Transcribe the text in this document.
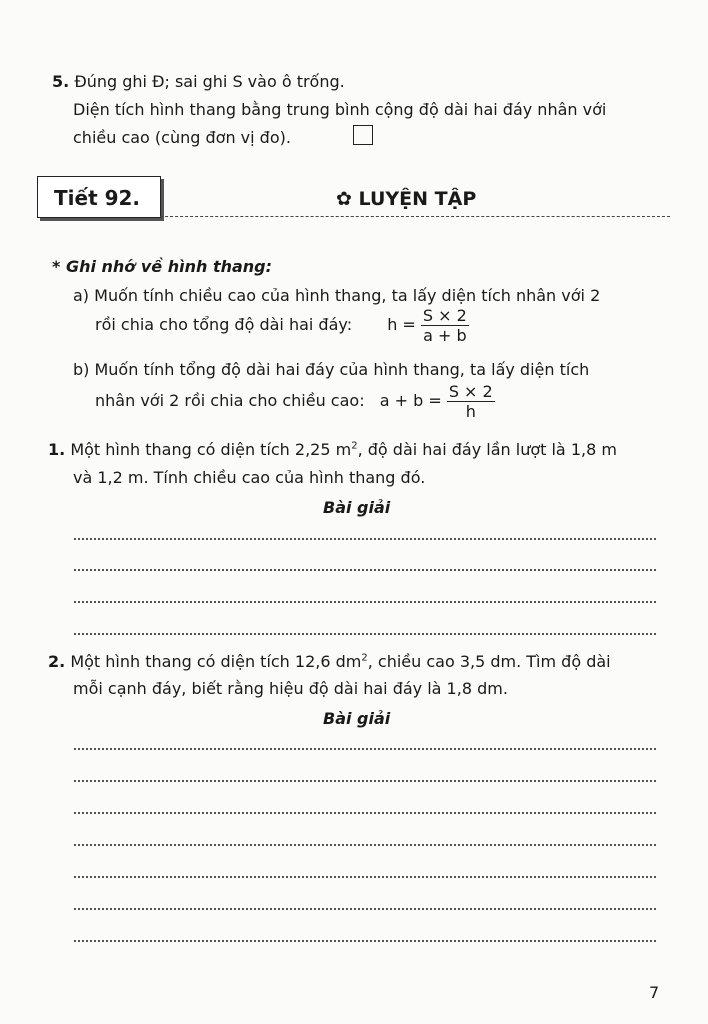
5. Đúng ghi Đ; sai ghi S vào ô trống.
Diện tích hình thang bằng trung bình cộng độ dài hai đáy nhân với
chiều cao (cùng đơn vị đo).
Tiết 92.	✿ LUYỆN TẬP
* Ghi nhớ về hình thang:
a) Muốn tính chiều cao của hình thang, ta lấy diện tích nhân với 2
rồi chia cho tổng độ dài hai đáy: $h = \frac{S \times 2}{a + b}$
b) Muốn tính tổng độ dài hai đáy của hình thang, ta lấy diện tích
nhân với 2 rồi chia cho chiều cao: $a + b = \frac{S \times 2}{h}$
1. Một hình thang có diện tích 2,25 $m^2$, độ dài hai đáy lần lượt là 1,8 m
và 1,2 m. Tính chiều cao của hình thang đó.
Bài giải
2. Một hình thang có diện tích 12,6 $dm^2$, chiều cao 3,5 dm. Tìm độ dài
mỗi cạnh đáy, biết rằng hiệu độ dài hai đáy là 1,8 dm.
Bài giải
7
